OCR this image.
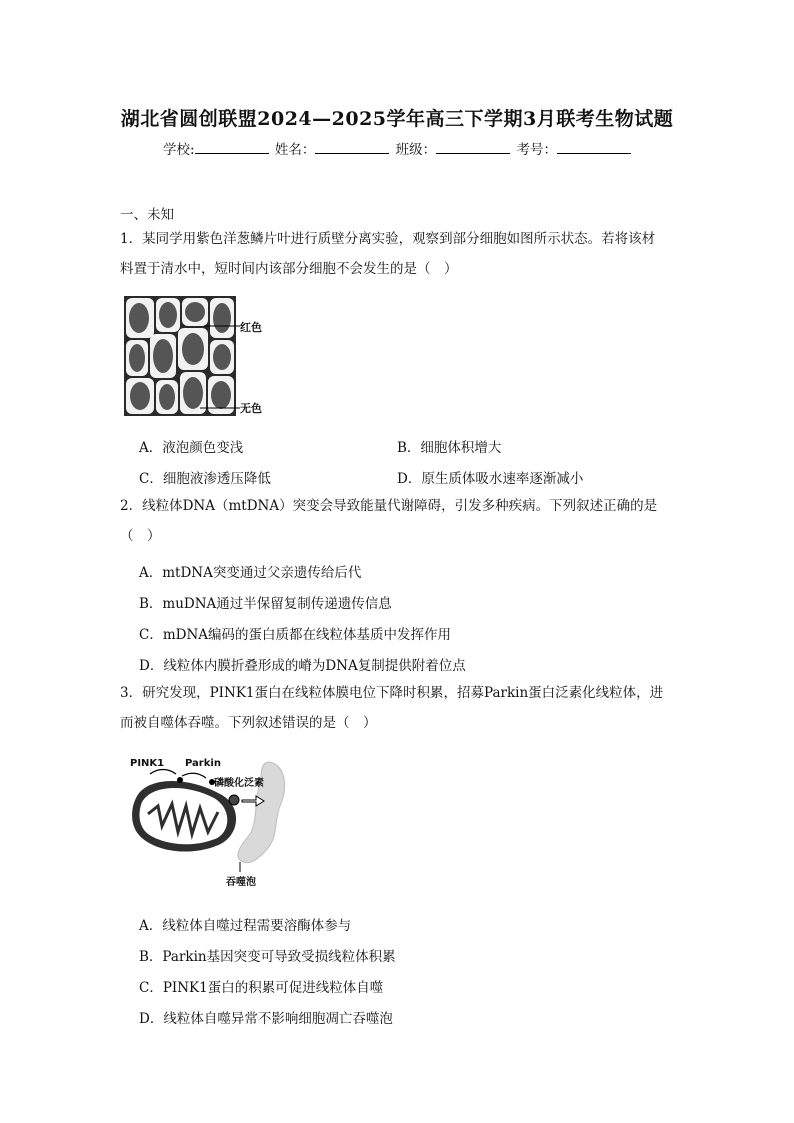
湖北省圆创联盟2024—2025学年高三下学期3月联考生物试题
学校:	姓名：	班级：	考号：
一、未知
1．某同学用紫色洋葱鳞片叶进行质壁分离实验，观察到部分细胞如图所示状态。若将该材
料置于清水中，短时间内该部分细胞不会发生的是（　）
红色
无色
A．液泡颜色变浅	B．细胞体积增大
C．细胞液渗透压降低	D．原生质体吸水速率逐渐减小
2．线粒体DNA（mtDNA）突变会导致能量代谢障碍，引发多种疾病。下列叙述正确的是
（　）
A．mtDNA突变通过父亲遗传给后代
B．muDNA通过半保留复制传递遗传信息
C．mDNA编码的蛋白质都在线粒体基质中发挥作用
D．线粒体内膜折叠形成的嵴为DNA复制提供附着位点
3．研究发现，PINK1蛋白在线粒体膜电位下降时积累，招募Parkin蛋白泛素化线粒体，进
而被自噬体吞噬。下列叙述错误的是（　）
PINK1 Parkin
磷酸化泛素
吞噬泡
A．线粒体自噬过程需要溶酶体参与
B．Parkin基因突变可导致受损线粒体积累
C．PINK1蛋白的积累可促进线粒体自噬
D．线粒体自噬异常不影响细胞凋亡吞噬泡
